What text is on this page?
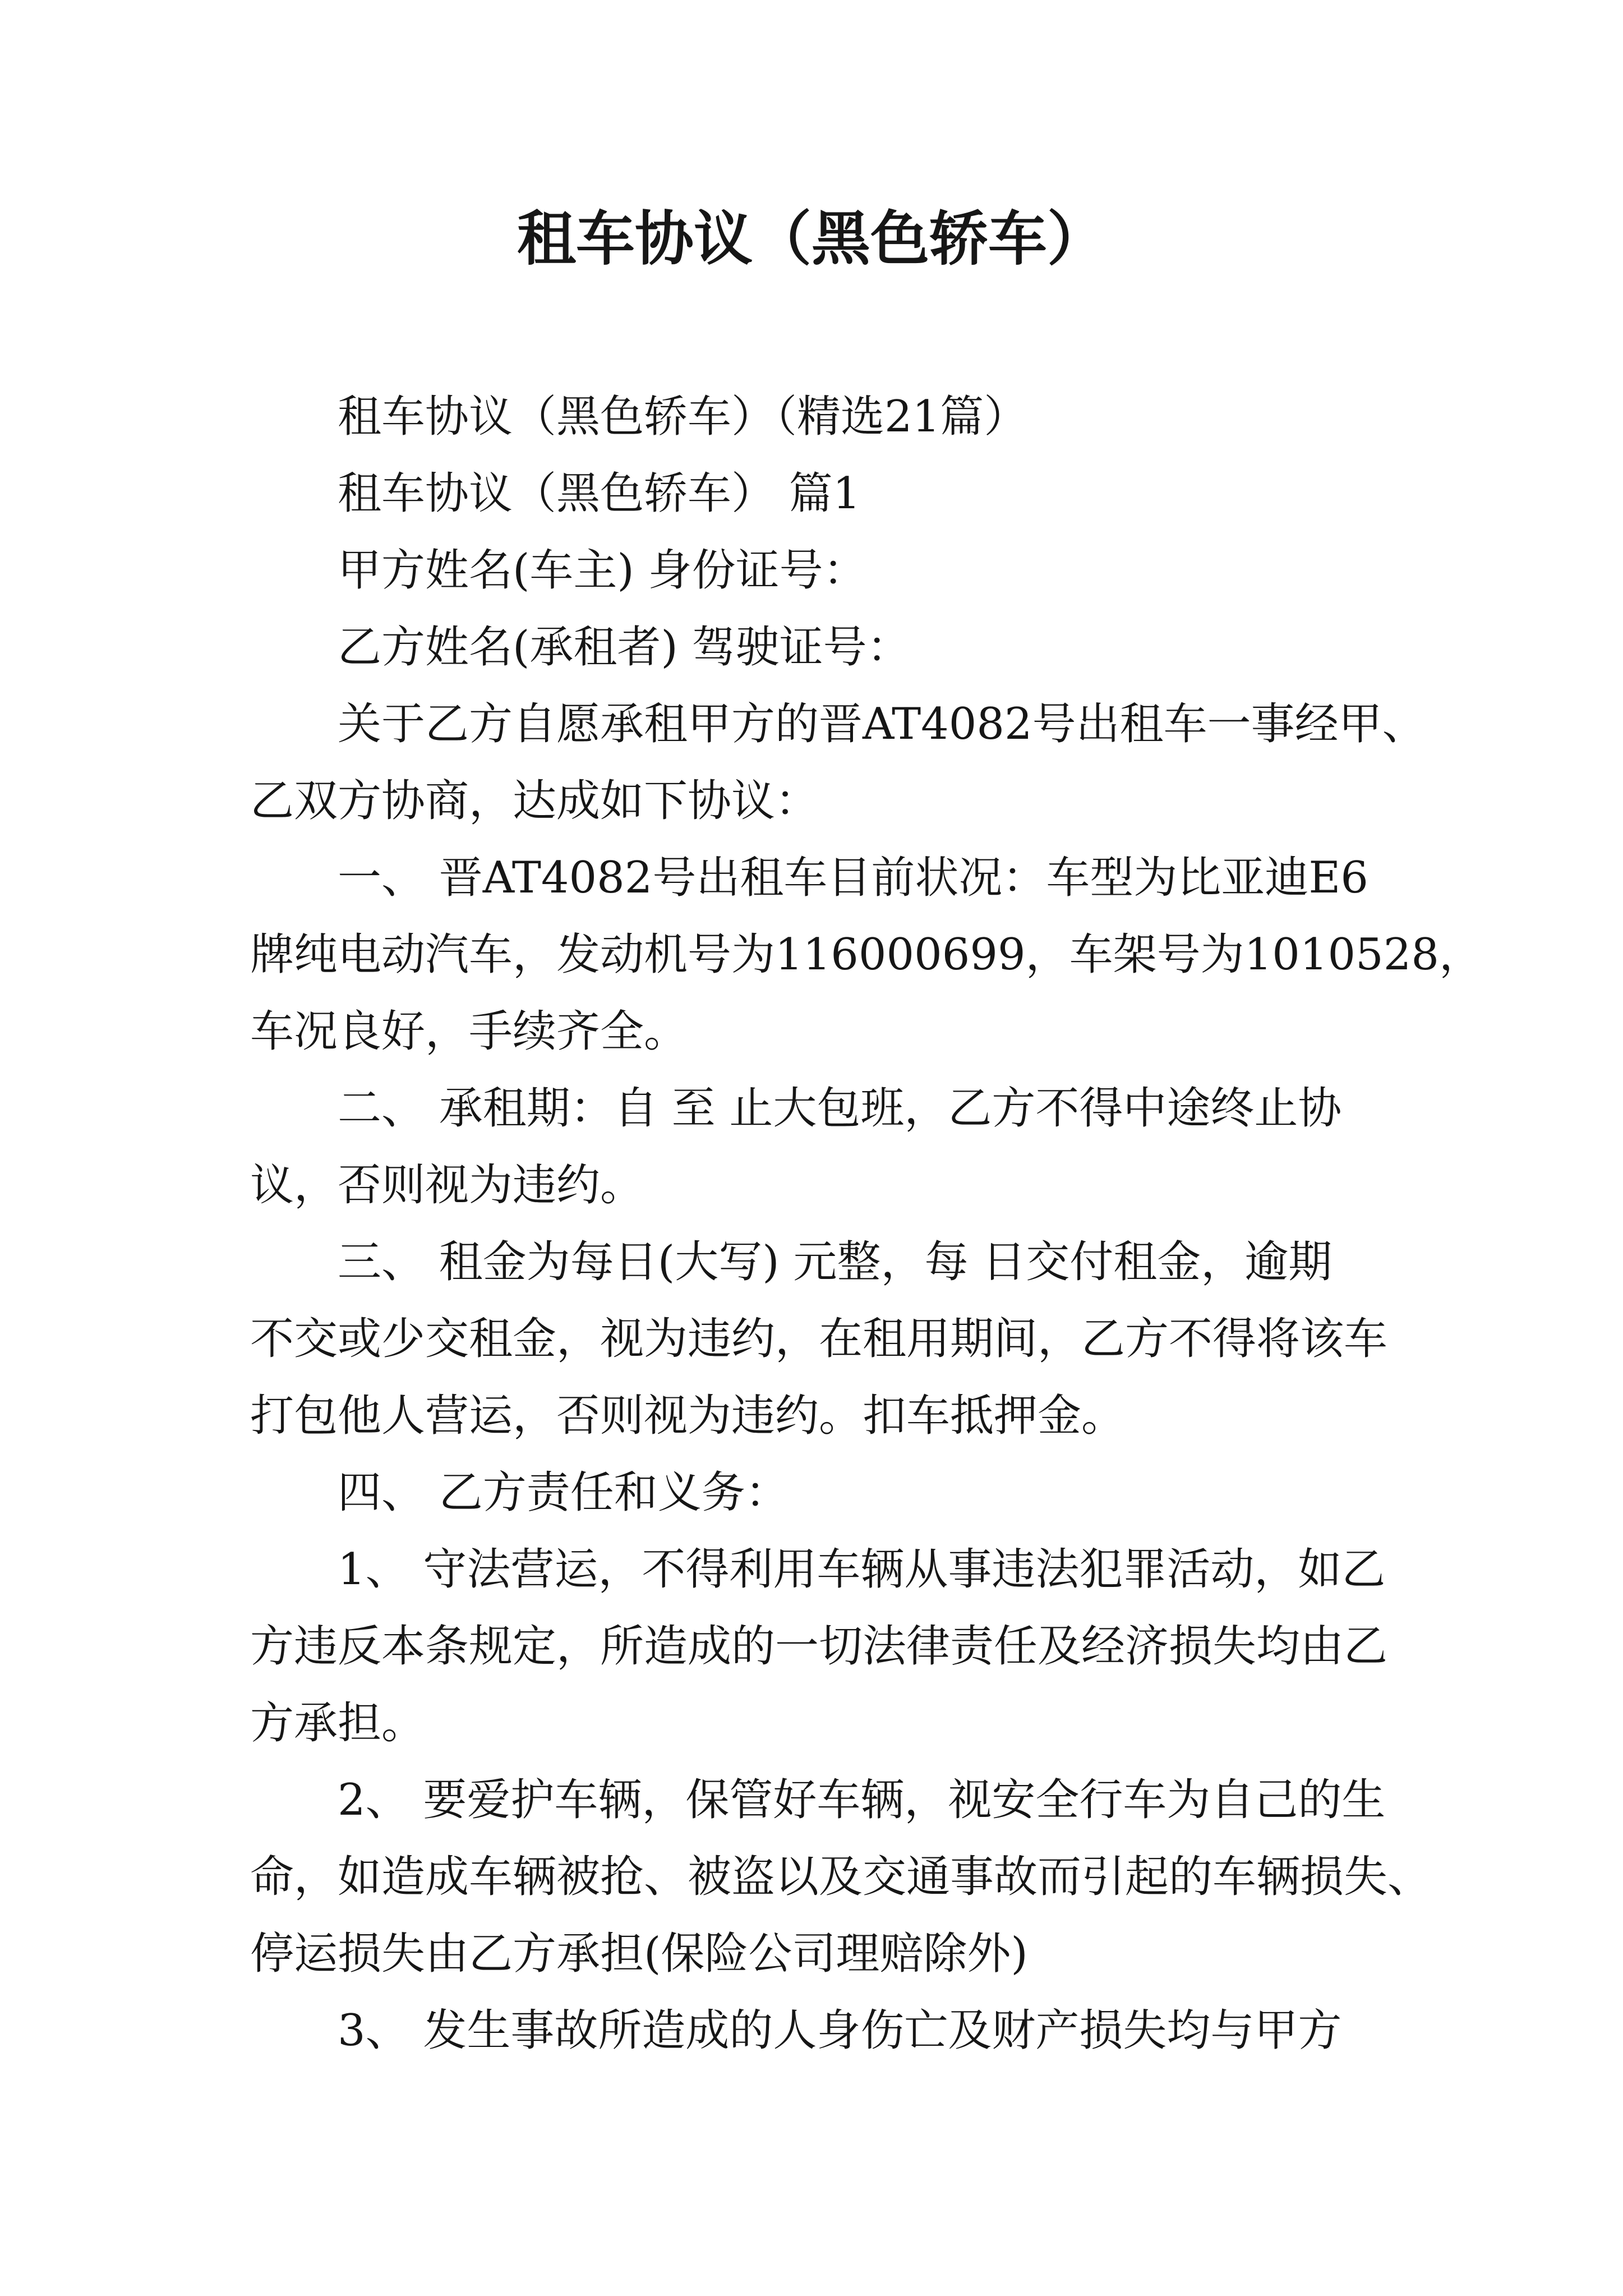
租车协议（黑色轿车）
租车协议（黑色轿车）（精选21篇）
租车协议（黑色轿车） 篇1
甲方姓名(车主) 身份证号：
乙方姓名(承租者) 驾驶证号：
关于乙方自愿承租甲方的晋AT4082号出租车一事经甲、
乙双方协商，达成如下协议：
一、 晋AT4082号出租车目前状况：车型为比亚迪E6
牌纯电动汽车，发动机号为116000699，车架号为1010528，
车况良好，手续齐全。
二、 承租期：自 至 止大包班，乙方不得中途终止协
议，否则视为违约。
三、 租金为每日(大写) 元整，每 日交付租金，逾期
不交或少交租金，视为违约，在租用期间，乙方不得将该车
打包他人营运，否则视为违约。扣车抵押金。
四、 乙方责任和义务：
1、 守法营运，不得利用车辆从事违法犯罪活动，如乙
方违反本条规定，所造成的一切法律责任及经济损失均由乙
方承担。
2、 要爱护车辆，保管好车辆，视安全行车为自己的生
命，如造成车辆被抢、被盗以及交通事故而引起的车辆损失、
停运损失由乙方承担(保险公司理赔除外)
3、 发生事故所造成的人身伤亡及财产损失均与甲方
